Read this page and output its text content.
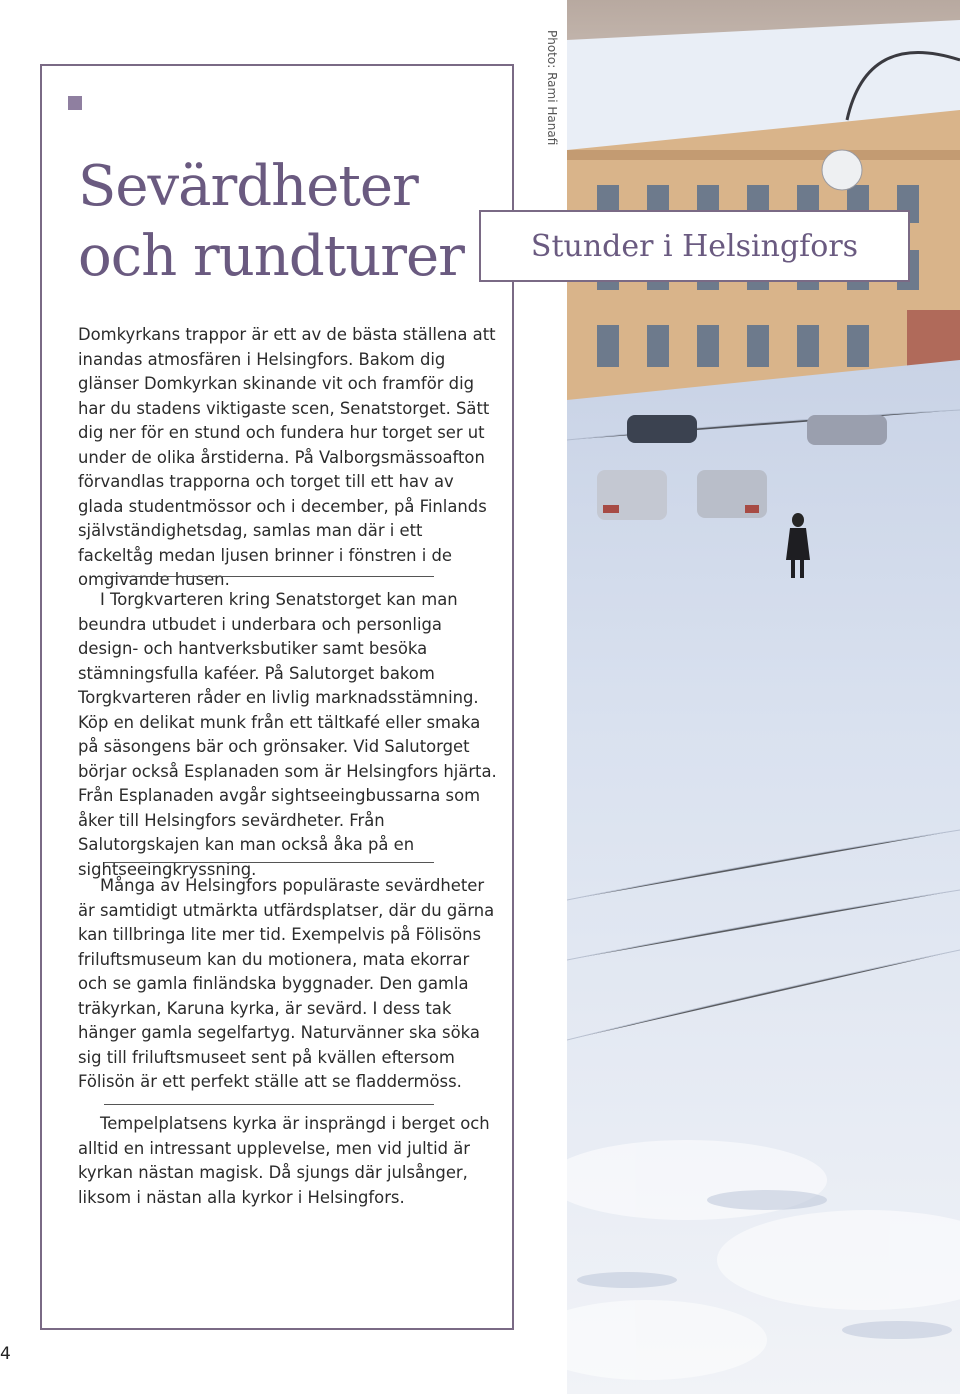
Sevärdheter
och rundturer

Domkyrkans trappor är ett av de bästa ställena att inandas atmosfären i Helsingfors. Bakom dig glänser Domkyrkan skinande vit och framför dig har du stadens viktigaste scen, Senatstorget. Sätt dig ner för en stund och fundera hur torget ser ut under de olika årstiderna. På Valborgsmässoafton förvandlas trapporna och torget till ett hav av glada studentmössor och i december, på Finlands självständighetsdag, samlas man där i ett fackeltåg medan ljusen brinner i fönstren i de omgivande husen.

I Torgkvarteren kring Senatstorget kan man beundra utbudet i underbara och personliga design- och hantverksbutiker samt besöka stämningsfulla kaféer. På Salutorget bakom Torgkvarteren råder en livlig marknadsstämning. Köp en delikat munk från ett tältkafé eller smaka på säsongens bär och grönsaker. Vid Salutorget börjar också Esplanaden som är Helsingfors hjärta. Från Esplanaden avgår sightseeingbussarna som åker till Helsingfors sevärdheter. Från Salutorgskajen kan man också åka på en sightseeingkryssning.

Många av Helsingfors populäraste sevärdheter är samtidigt utmärkta utfärdsplatser, där du gärna kan tillbringa lite mer tid. Exempelvis på Fölisöns friluftsmuseum kan du motionera, mata ekorrar och se gamla finländska byggnader. Den gamla träkyrkan, Karuna kyrka, är sevärd. I dess tak hänger gamla segelfartyg. Naturvänner ska söka sig till friluftsmuseet sent på kvällen eftersom Fölisön är ett perfekt ställe att se fladdermöss.

Tempelplatsens kyrka är insprängd i berget och alltid en intressant upplevelse, men vid jultid är kyrkan nästan magisk. Då sjungs där julsånger, liksom i nästan alla kyrkor i Helsingfors.

Photo: Rami Hanafi
Stunder i Helsingfors
4
